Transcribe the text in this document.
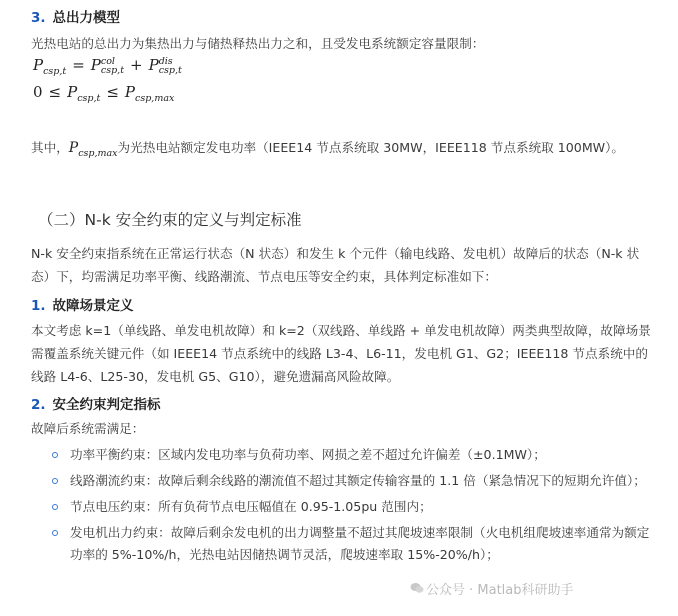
3. 总出力模型
光热电站的总出力为集热出力与储热释热出力之和，且受发电系统额定容量限制：
$P_{csp,t} = P$ col
csp,t + P dis
csp,t
$0 \le P_{csp,t} \le P_{csp,max}$
其中，$P_{csp,max}$为光热电站额定发电功率（IEEE14 节点系统取 30MW，IEEE118 节点系统取 100MW）。
（二）N-k 安全约束的定义与判定标准
N-k 安全约束指系统在正常运行状态（N 状态）和发生 k 个元件（输电线路、发电机）故障后的状态（N-k 状态）下，均需满足功率平衡、线路潮流、节点电压等安全约束，具体判定标准如下：
1. 故障场景定义
本文考虑 k=1（单线路、单发电机故障）和 k=2（双线路、单线路 + 单发电机故障）两类典型故障，故障场景需覆盖系统关键元件（如 IEEE14 节点系统中的线路 L3-4、L6-11，发电机 G1、G2；IEEE118 节点系统中的线路 L4-6、L25-30，发电机 G5、G10），避免遗漏高风险故障。
2. 安全约束判定指标
故障后系统需满足：
功率平衡约束：区域内发电功率与负荷功率、网损之差不超过允许偏差（±0.1MW）；
线路潮流约束：故障后剩余线路的潮流值不超过其额定传输容量的 1.1 倍（紧急情况下的短期允许值）；
节点电压约束：所有负荷节点电压幅值在 0.95-1.05pu 范围内；
发电机出力约束：故障后剩余发电机的出力调整量不超过其爬坡速率限制（火电机组爬坡速率通常为额定功率的 5%-10%/h，光热电站因储热调节灵活，爬坡速率取 15%-20%/h）；
公众号 · Matlab科研助手
